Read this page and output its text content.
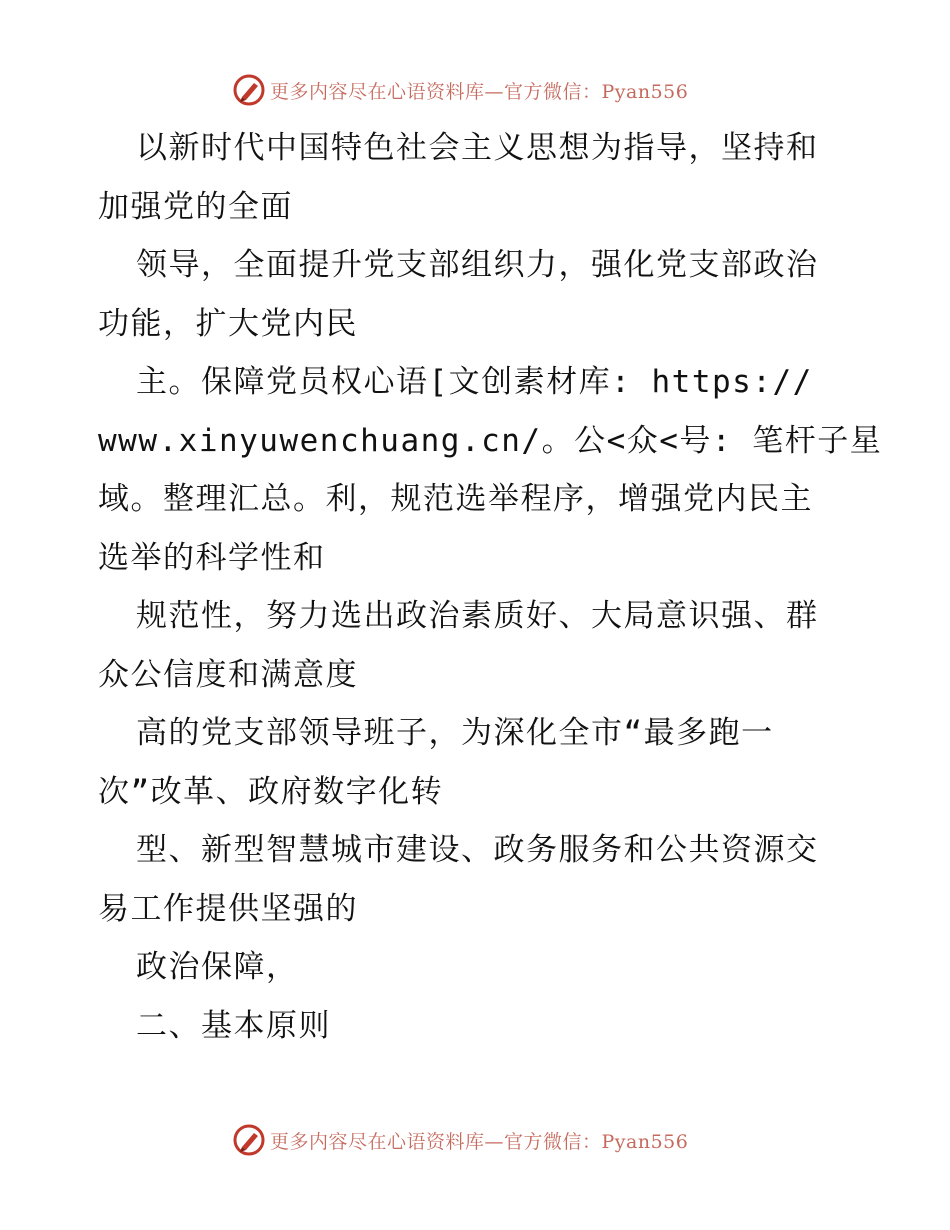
更多内容尽在心语资料库—官方微信：Pyan556
以新时代中国特色社会主义思想为指导，坚持和
加强党的全面
领导，全面提升党支部组织力，强化党支部政治
功能，扩大党内民
主。保障党员权心语[文创素材库: https://
www.xinyuwenchuang.cn/。公<众<号: 笔杆子星
域。整理汇总。利，规范选举程序，增强党内民主
选举的科学性和
规范性，努力选出政治素质好、大局意识强、群
众公信度和满意度
高的党支部领导班子，为深化全市“最多跑一
次”改革、政府数字化转
型、新型智慧城市建设、政务服务和公共资源交
易工作提供坚强的
政治保障，
二、基本原则
更多内容尽在心语资料库—官方微信：Pyan556
